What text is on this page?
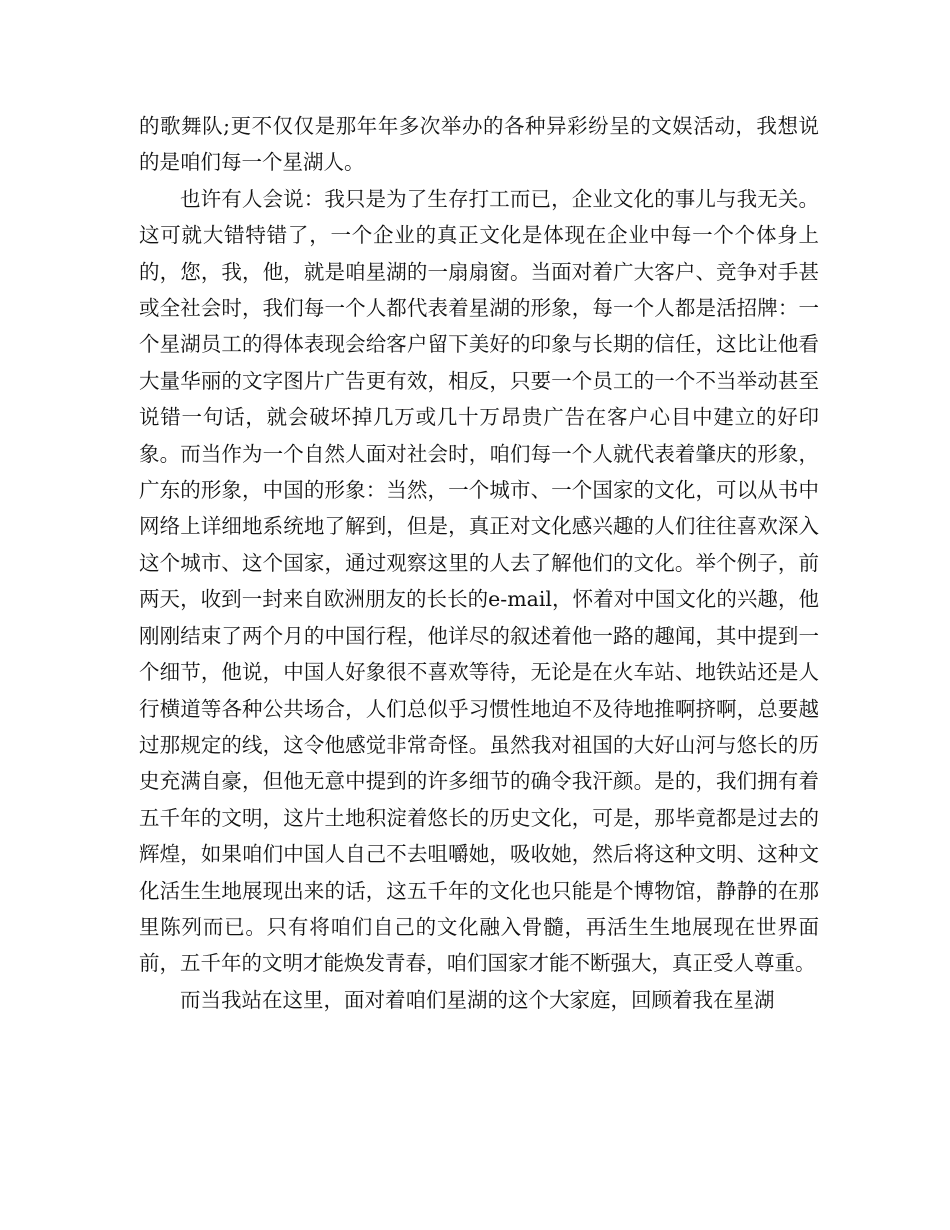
的歌舞队;更不仅仅是那年年多次举办的各种异彩纷呈的文娱活动，我想说的是咱们每一个星湖人。

也许有人会说：我只是为了生存打工而已，企业文化的事儿与我无关。这可就大错特错了，一个企业的真正文化是体现在企业中每一个个体身上的，您，我，他，就是咱星湖的一扇扇窗。当面对着广大客户、竞争对手甚或全社会时，我们每一个人都代表着星湖的形象，每一个人都是活招牌：一个星湖员工的得体表现会给客户留下美好的印象与长期的信任，这比让他看大量华丽的文字图片广告更有效，相反，只要一个员工的一个不当举动甚至说错一句话，就会破坏掉几万或几十万昂贵广告在客户心目中建立的好印象。而当作为一个自然人面对社会时，咱们每一个人就代表着肇庆的形象，广东的形象，中国的形象：当然，一个城市、一个国家的文化，可以从书中网络上详细地系统地了解到，但是，真正对文化感兴趣的人们往往喜欢深入这个城市、这个国家，通过观察这里的人去了解他们的文化。举个例子，前两天，收到一封来自欧洲朋友的长长的e-mail，怀着对中国文化的兴趣，他刚刚结束了两个月的中国行程，他详尽的叙述着他一路的趣闻，其中提到一个细节，他说，中国人好象很不喜欢等待，无论是在火车站、地铁站还是人行横道等各种公共场合，人们总似乎习惯性地迫不及待地推啊挤啊，总要越过那规定的线，这令他感觉非常奇怪。虽然我对祖国的大好山河与悠长的历史充满自豪，但他无意中提到的许多细节的确令我汗颜。是的，我们拥有着五千年的文明，这片土地积淀着悠长的历史文化，可是，那毕竟都是过去的辉煌，如果咱们中国人自己不去咀嚼她，吸收她，然后将这种文明、这种文化活生生地展现出来的话，这五千年的文化也只能是个博物馆，静静的在那里陈列而已。只有将咱们自己的文化融入骨髓，再活生生地展现在世界面前，五千年的文明才能焕发青春，咱们国家才能不断强大，真正受人尊重。

而当我站在这里，面对着咱们星湖的这个大家庭，回顾着我在星湖
